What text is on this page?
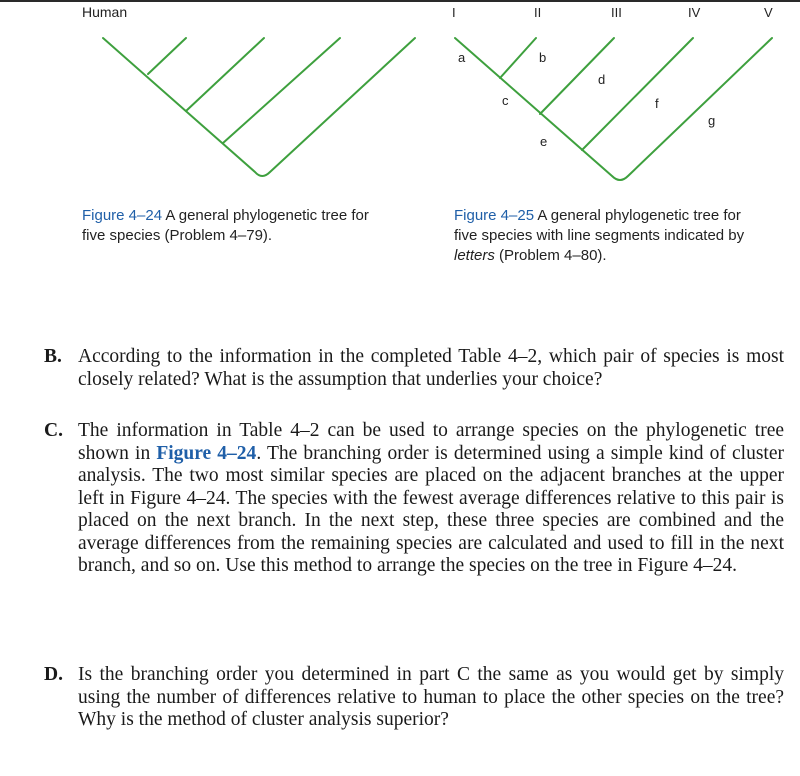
Human	I	II	III	IV	V
a	b
c
d
e
f
g
Figure 4–24 A general phylogenetic tree for five species (Problem 4–79).
Figure 4–25 A general phylogenetic tree for five species with line segments indicated by letters (Problem 4–80).
B. According to the information in the completed Table 4–2, which pair of species is most closely related? What is the assumption that underlies your choice?
C. The information in Table 4–2 can be used to arrange species on the phylogenetic tree shown in Figure 4–24. The branching order is determined using a simple kind of cluster analysis. The two most similar species are placed on the adjacent branches at the upper left in Figure 4–24. The species with the fewest average differences relative to this pair is placed on the next branch. In the next step, these three species are combined and the average differences from the remaining species are calculated and used to fill in the next branch, and so on. Use this method to arrange the species on the tree in Figure 4–24.
D. Is the branching order you determined in part C the same as you would get by simply using the number of differences relative to human to place the other species on the tree? Why is the method of cluster analysis superior?
